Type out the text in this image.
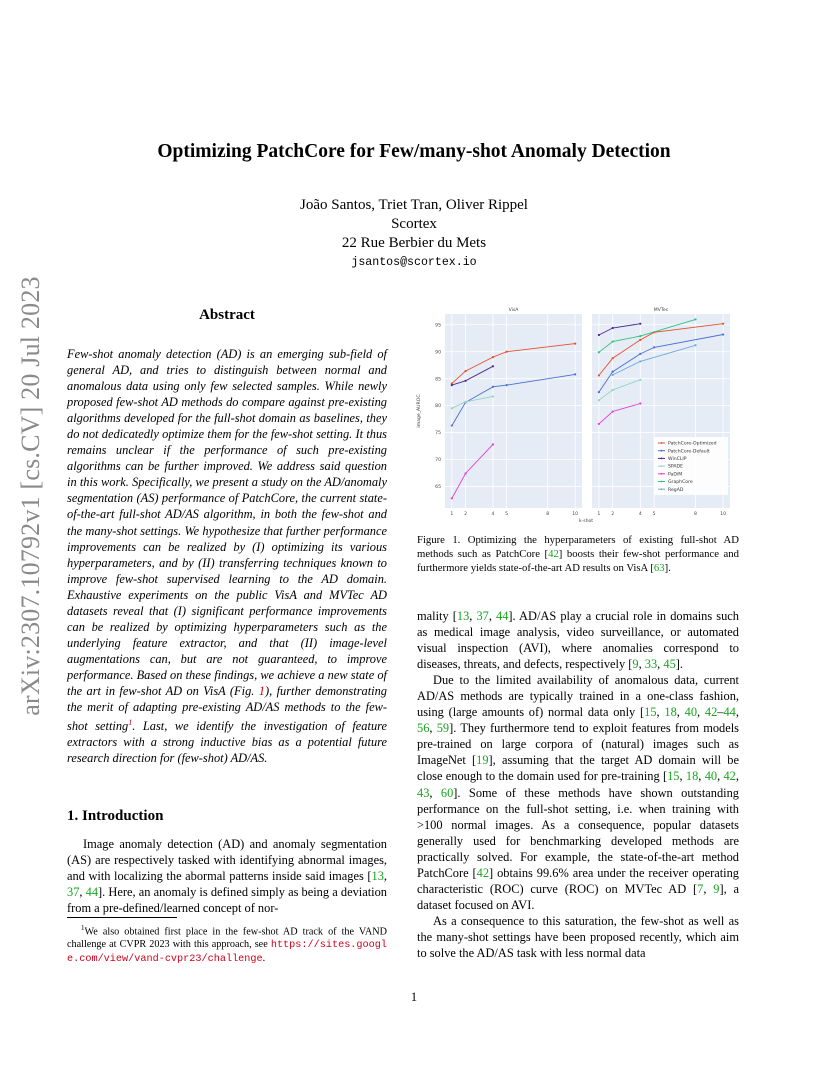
arXiv:2307.10792v1 [cs.CV] 20 Jul 2023
Optimizing PatchCore for Few/many-shot Anomaly Detection
João Santos, Triet Tran, Oliver Rippel
Scortex
22 Rue Berbier du Mets
jsantos@scortex.io
Abstract
Few-shot anomaly detection (AD) is an emerging sub-field of general AD, and tries to distinguish between normal and anomalous data using only few selected samples. While newly proposed few-shot AD methods do compare against pre-existing algorithms developed for the full-shot domain as baselines, they do not dedicatedly optimize them for the few-shot setting. It thus remains unclear if the performance of such pre-existing algorithms can be further improved. We address said question in this work. Specifically, we present a study on the AD/anomaly segmentation (AS) performance of PatchCore, the current state-of-the-art full-shot AD/AS algorithm, in both the few-shot and the many-shot settings. We hypothesize that further performance improvements can be realized by (I) optimizing its various hyperparameters, and by (II) transferring techniques known to improve few-shot supervised learning to the AD domain. Exhaustive experiments on the public VisA and MVTec AD datasets reveal that (I) significant performance improvements can be realized by optimizing hyperparameters such as the underlying feature extractor, and that (II) image-level augmentations can, but are not guaranteed, to improve performance. Based on these findings, we achieve a new state of the art in few-shot AD on VisA (Fig. 1), further demonstrating the merit of adapting pre-existing AD/AS methods to the few-shot setting$^1$. Last, we identify the investigation of feature extractors with a strong inductive bias as a potential future research direction for (few-shot) AD/AS.
1. Introduction

Image anomaly detection (AD) and anomaly segmentation (AS) are respectively tasked with identifying abnormal images, and with localizing the abormal patterns inside said images [13, 37, 44]. Here, an anomaly is defined simply as being a deviation from a pre-defined/learned concept of nor-

$^1$We also obtained first place in the few-shot AD track of the VAND challenge at CVPR 2023 with this approach, see https://sites.google.com/view/vand-cvpr23/challenge.
1 2	4 5	8	10
VisA
1 2	4 5	8	10
MVTec
65
70
75
80
85
90
95
image_AUROC
k-shot
PatchCore-Optimized
PatchCore-Default
WinCLIP
SPADE
PaDiM
GraphCore
RegAD
Figure 1. Optimizing the hyperparameters of existing full-shot AD methods such as PatchCore [42] boosts their few-shot performance and furthermore yields state-of-the-art AD results on VisA [63].

mality [13, 37, 44]. AD/AS play a crucial role in domains such as medical image analysis, video surveillance, or automated visual inspection (AVI), where anomalies correspond to diseases, threats, and defects, respectively [9, 33, 45].

Due to the limited availability of anomalous data, current AD/AS methods are typically trained in a one-class fashion, using (large amounts of) normal data only [15, 18, 40, 42–44, 56, 59]. They furthermore tend to exploit features from models pre-trained on large corpora of (natural) images such as ImageNet [19], assuming that the target AD domain will be close enough to the domain used for pre-training [15, 18, 40, 42, 43, 60]. Some of these methods have shown outstanding performance on the full-shot setting, i.e. when training with >100 normal images. As a consequence, popular datasets generally used for benchmarking developed methods are practically solved. For example, the state-of-the-art method PatchCore [42] obtains 99.6% area under the receiver operating characteristic (ROC) curve (ROC) on MVTec AD [7, 9], a dataset focused on AVI.

As a consequence to this saturation, the few-shot as well as the many-shot settings have been proposed recently, which aim to solve the AD/AS task with less normal data

1
